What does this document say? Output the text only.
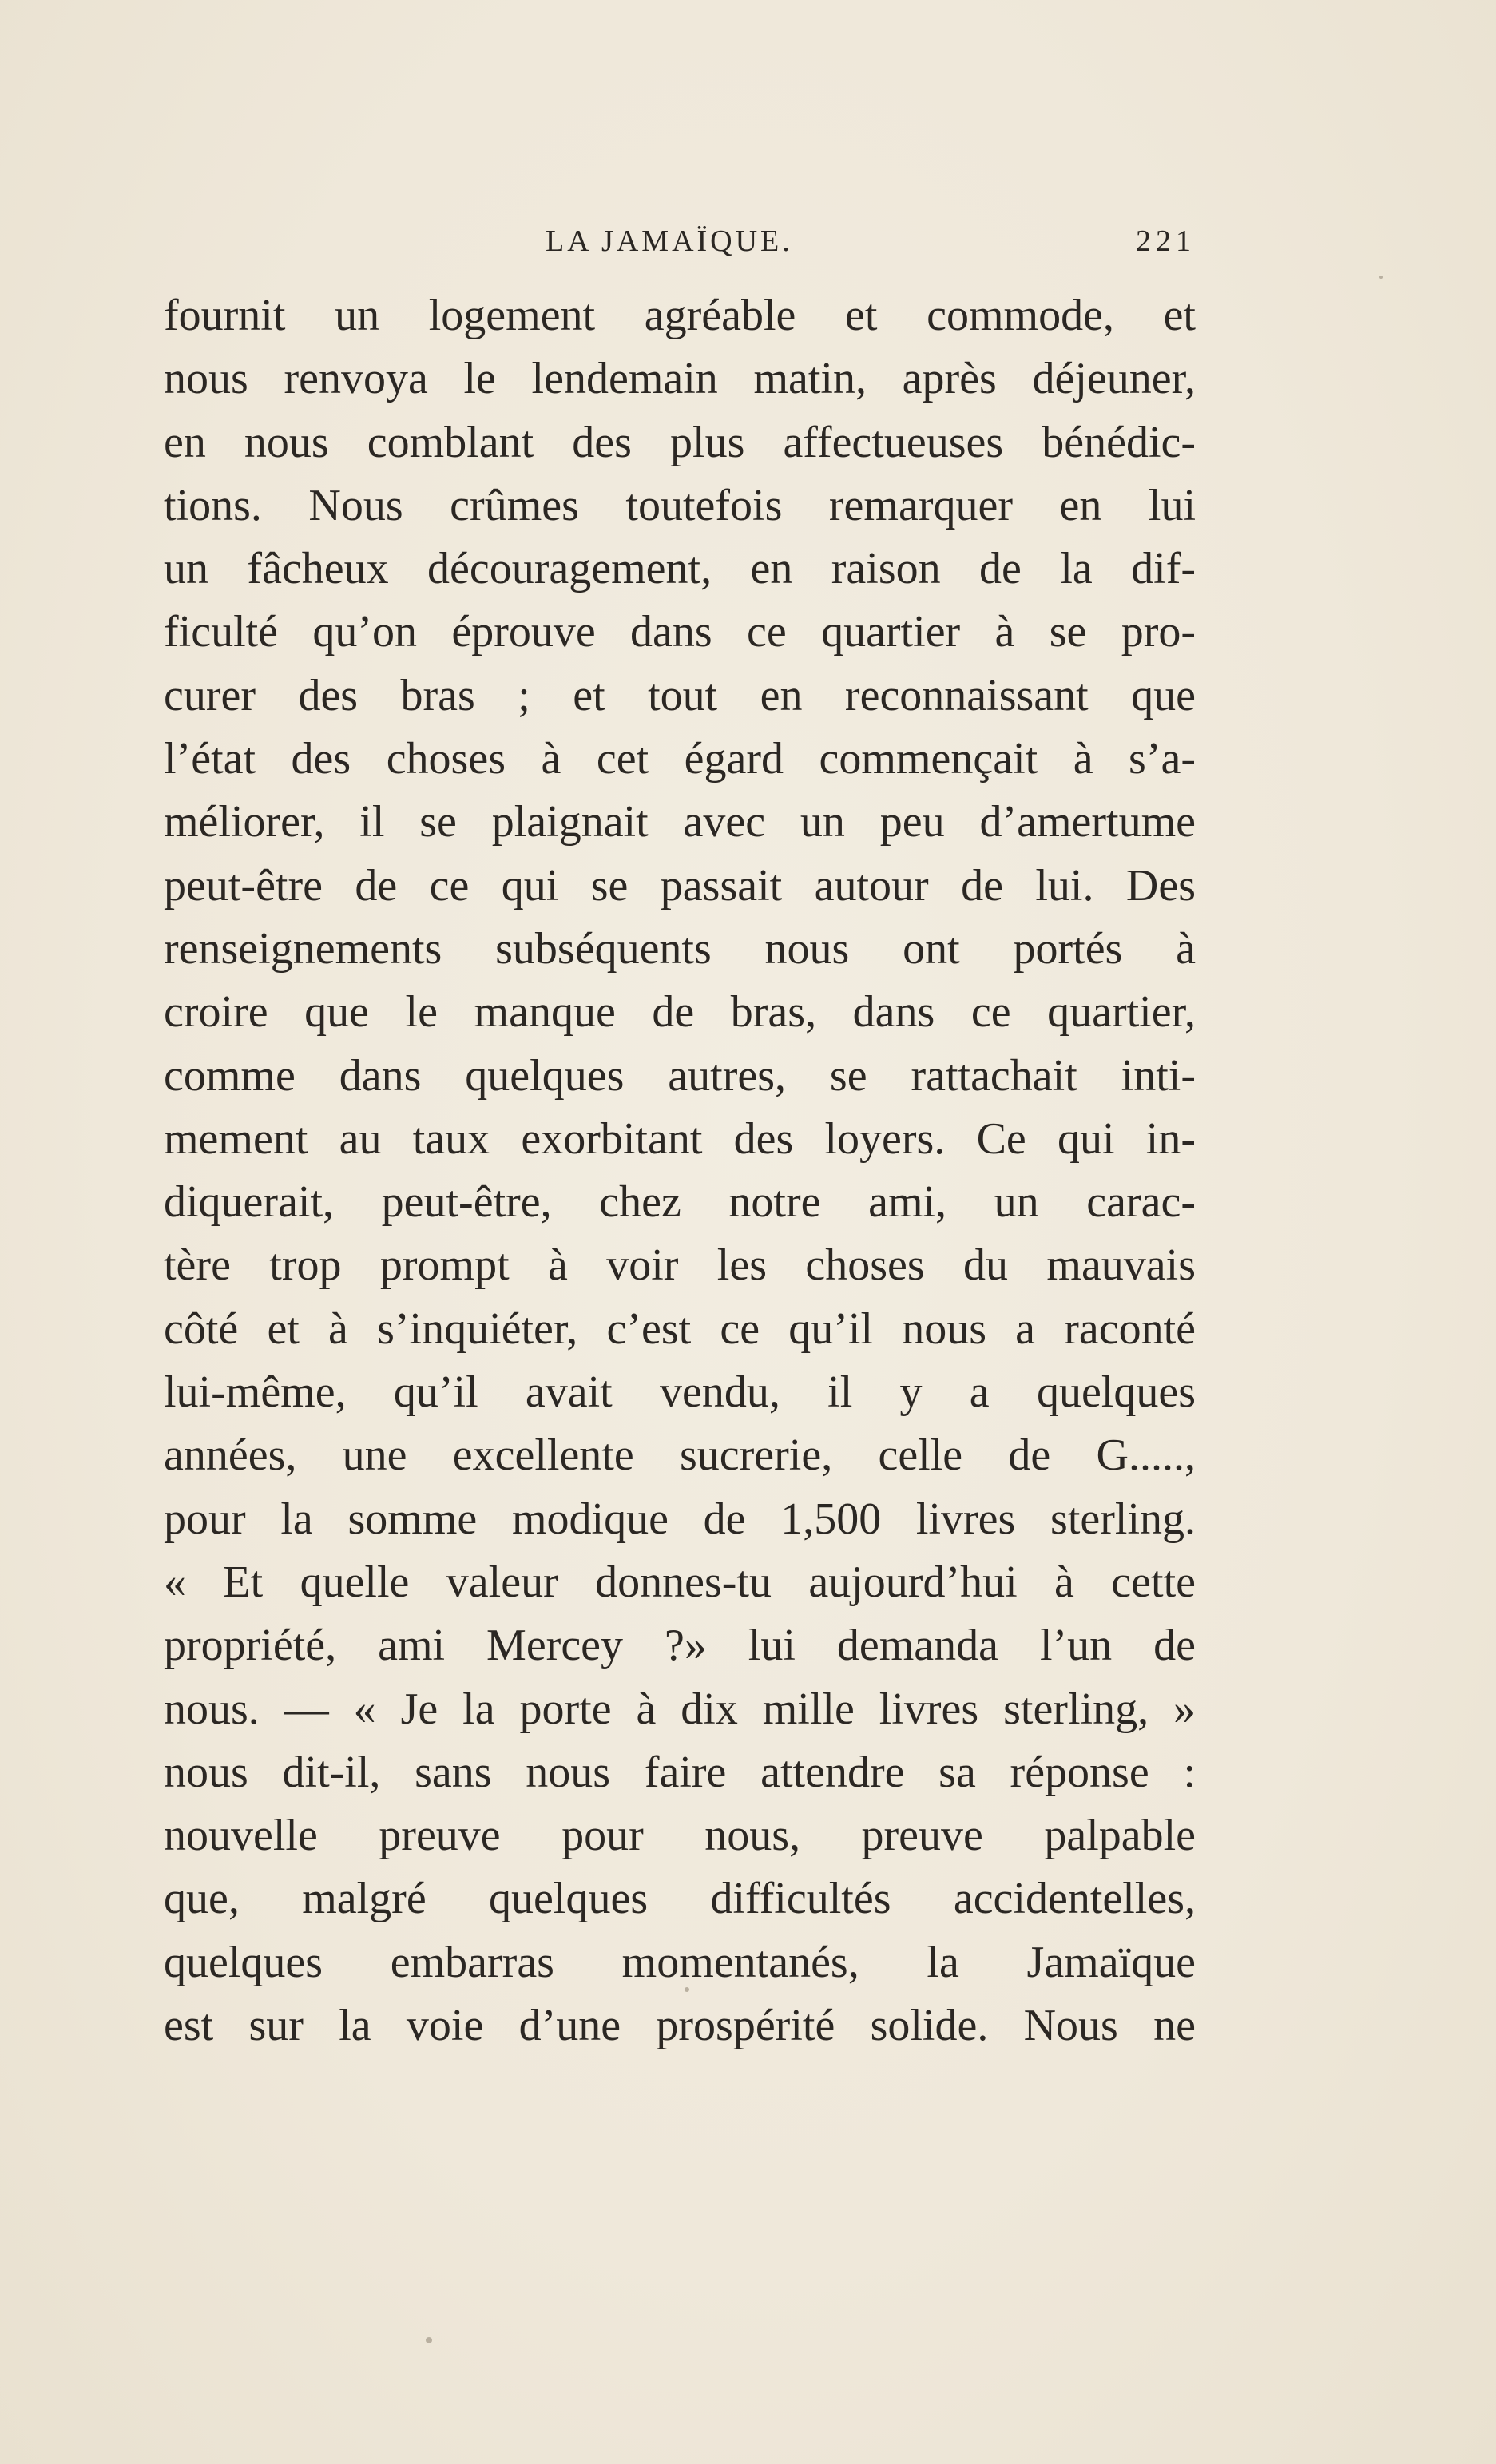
LA JAMAÏQUE.	221
fournit un logement agréable et commode, et
nous renvoya le lendemain matin, après déjeuner,
en nous comblant des plus affectueuses bénédic-
tions. Nous crûmes toutefois remarquer en lui
un fâcheux découragement, en raison de la dif-
ficulté qu’on éprouve dans ce quartier à se pro-
curer des bras ; et tout en reconnaissant que
l’état des choses à cet égard commençait à s’a-
méliorer, il se plaignait avec un peu d’amertume
peut-être de ce qui se passait autour de lui. Des
renseignements subséquents nous ont portés à
croire que le manque de bras, dans ce quartier,
comme dans quelques autres, se rattachait inti-
mement au taux exorbitant des loyers. Ce qui in-
diquerait, peut-être, chez notre ami, un carac-
tère trop prompt à voir les choses du mauvais
côté et à s’inquiéter, c’est ce qu’il nous a raconté
lui-même, qu’il avait vendu, il y a quelques
années, une excellente sucrerie, celle de G.....,
pour la somme modique de 1,500 livres sterling.
« Et quelle valeur donnes-tu aujourd’hui à cette
propriété, ami Mercey ?» lui demanda l’un de
nous. — « Je la porte à dix mille livres sterling, »
nous dit-il, sans nous faire attendre sa réponse :
nouvelle preuve pour nous, preuve palpable
que, malgré quelques difficultés accidentelles,
quelques embarras momentanés, la Jamaïque
est sur la voie d’une prospérité solide. Nous ne
